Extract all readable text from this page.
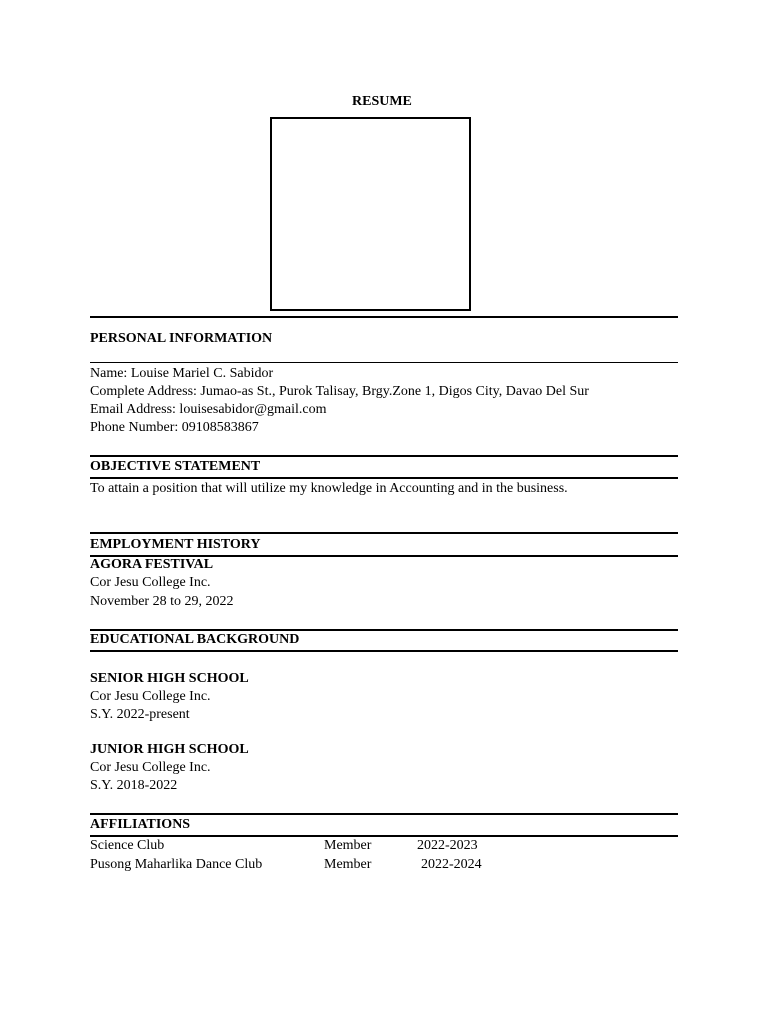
RESUME
PERSONAL INFORMATION
Name: Louise Mariel C. Sabidor
Complete Address: Jumao-as St., Purok Talisay, Brgy.Zone 1, Digos City, Davao Del Sur
Email Address: louisesabidor@gmail.com
Phone Number: 09108583867
OBJECTIVE STATEMENT
To attain a position that will utilize my knowledge in Accounting and in the business.
EMPLOYMENT HISTORY
AGORA FESTIVAL
Cor Jesu College Inc.
November 28 to 29, 2022
EDUCATIONAL BACKGROUND
SENIOR HIGH SCHOOL
Cor Jesu College Inc.
S.Y. 2022-present
JUNIOR HIGH SCHOOL
Cor Jesu College Inc.
S.Y. 2018-2022
AFFILIATIONS
Science Club	Member	2022-2023
Pusong Maharlika Dance Club	Member	2022-2024
